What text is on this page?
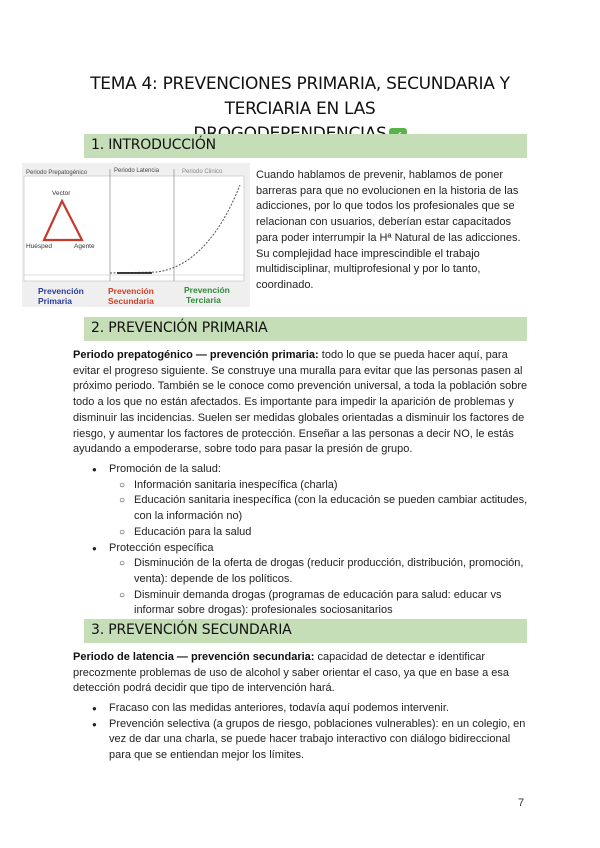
TEMA 4: PREVENCIONES PRIMARIA, SECUNDARIA Y TERCIARIA EN LAS
1. INTRODUCCIÓN
Periodo Prepatogénico	Periodo Latencia	Periodo Clinico
Vector
Huésped	Agente
Prevención
Primaria
Prevención
Secundaria
Prevención
Terciaria
Cuando hablamos de prevenir, hablamos de poner barreras para que no evolucionen en la historia de las adicciones, por lo que todos los profesionales que se relacionan con usuarios, deberían estar capacitados para poder interrumpir la Hª Natural de las adicciones. Su complejidad hace imprescindible el trabajo multidisciplinar, multiprofesional y por lo tanto, coordinado.
2. PREVENCIÓN PRIMARIA
Periodo prepatogénico — prevención primaria: todo lo que se pueda hacer aquí, para evitar el progreso siguiente. Se construye una muralla para evitar que las personas pasen al próximo periodo. También se le conoce como prevención universal, a toda la población sobre todo a los que no están afectados. Es importante para impedir la aparición de problemas y disminuir las incidencias. Suelen ser medidas globales orientadas a disminuir los factores de riesgo, y aumentar los factores de protección. Enseñar a las personas a decir NO, le estás ayudando a empoderarse, sobre todo para pasar la presión de grupo.
● Promoción de la salud:
○ Información sanitaria inespecífica (charla)
○ Educación sanitaria inespecífica (con la educación se pueden cambiar actitudes, con la información no)
○ Educación para la salud
● Protección específica
○ Disminución de la oferta de drogas (reducir producción, distribución, promoción, venta): depende de los políticos.
○ Disminuir demanda drogas (programas de educación para salud: educar vs informar sobre drogas): profesionales sociosanitarios
3. PREVENCIÓN SECUNDARIA
Periodo de latencia — prevención secundaria: capacidad de detectar e identificar precozmente problemas de uso de alcohol y saber orientar el caso, ya que en base a esa detección podrá decidir que tipo de intervención hará.
● Fracaso con las medidas anteriores, todavía aquí podemos intervenir.
● Prevención selectiva (a grupos de riesgo, poblaciones vulnerables): en un colegio, en vez de dar una charla, se puede hacer trabajo interactivo con diálogo bidireccional para que se entiendan mejor los límites.
7
